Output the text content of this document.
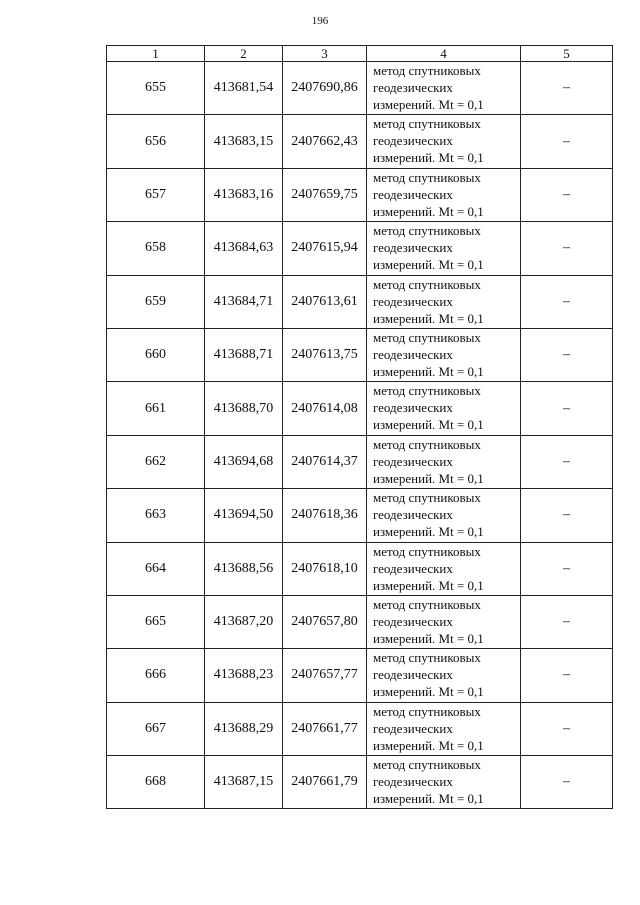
196
1	2	3	4	5
655	413681,54	2407690,86	метод спутниковых
геодезических
измерений. Mt = 0,1	–
656	413683,15	2407662,43	метод спутниковых
геодезических
измерений. Mt = 0,1	–
657	413683,16	2407659,75	метод спутниковых
геодезических
измерений. Mt = 0,1	–
658	413684,63	2407615,94	метод спутниковых
геодезических
измерений. Mt = 0,1	–
659	413684,71	2407613,61	метод спутниковых
геодезических
измерений. Mt = 0,1	–
660	413688,71	2407613,75	метод спутниковых
геодезических
измерений. Mt = 0,1	–
661	413688,70	2407614,08	метод спутниковых
геодезических
измерений. Mt = 0,1	–
662	413694,68	2407614,37	метод спутниковых
геодезических
измерений. Mt = 0,1	–
663	413694,50	2407618,36	метод спутниковых
геодезических
измерений. Mt = 0,1	–
664	413688,56	2407618,10	метод спутниковых
геодезических
измерений. Mt = 0,1	–
665	413687,20	2407657,80	метод спутниковых
геодезических
измерений. Mt = 0,1	–
666	413688,23	2407657,77	метод спутниковых
геодезических
измерений. Mt = 0,1	–
667	413688,29	2407661,77	метод спутниковых
геодезических
измерений. Mt = 0,1	–
668	413687,15	2407661,79	метод спутниковых
геодезических
измерений. Mt = 0,1	–
